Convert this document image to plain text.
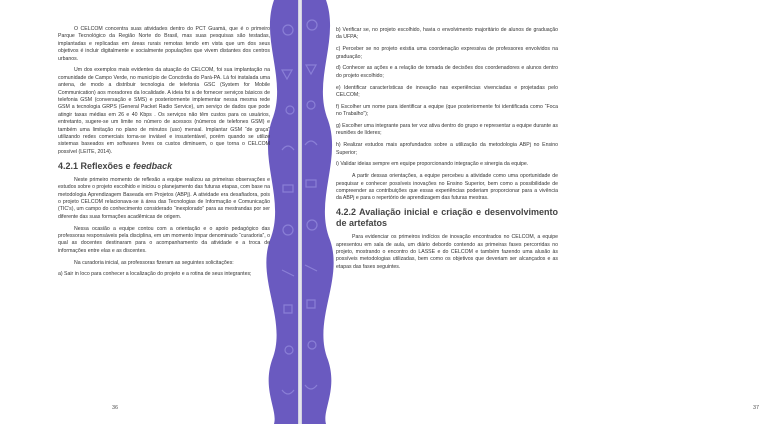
O CELCOM concentra suas atividades dentro do PCT Guamá, que é o primeiro Parque Tecnológico da Região Norte do Brasil, mas suas pesquisas são testadas, implantadas e replicadas em áreas rurais remotas tendo em vista que um dos seus objetivos é incluir digitalmente e socialmente populações que vivem distantes dos centros urbanos.

Um dos exemplos mais evidentes da atuação do CELCOM, foi sua implantação na comunidade de Campo Verde, no município de Concórdia do Pará-PA. Lá foi instalada uma antena, de modo a distribuir tecnologia de telefonia GSC (System for Mobile Communication) aos moradores da localidade. A ideia foi a de fornecer serviços básicos de telefonia GSM (conversação e SMS) e posteriormente implementar nessa mesma rede GSM a tecnologia GRPS (General Packet Radio Service), um serviço de dados que pode atingir taxas médias em 26 e 40 Kbps . Os serviços não têm custos para os usuários, entretanto, sugere-se um limite no número de acessos (números de telefones GSM) e também uma limitação no plano de minutos (uso) mensal. Implantar GSM “de graça” utilizando redes comerciais torna-se inviável e insustentável, porém quando se utilize sistemas baseados em softwares livres os custos diminuem, o que torna o CELCOM possível (LEITE, 2014).

4.2.1 Reflexões e feedback

Neste primeiro momento de reflexão a equipe realizou as primeiras observações e estudos sobre o projeto escolhido e iniciou o planejamento das futuras etapas, com base na metodologia Aprendizagem Baseada em Projetos (ABPj). A atividade era desafiadora, pois o projeto CELCOM relacionava-se à área das Tecnologias de Informação e Comunicação (TIC’s), um campo do conhecimento considerado “inexplorado” para as mestrandas por ser diferente das suas formações acadêmicas de origem.

Nessa ocasião a equipe contou com a orientação e o apoio pedagógico das professoras responsáveis pela disciplina, em um momento ímpar denominado “curadoria”, o qual as docentes destinaram para o acompanhamento da atividade e a troca de informações entre elas e as discentes.

Na curadoria inicial, as professoras fizeram as seguintes solicitações:

a) Sair in loco para conhecer a localização do projeto e a rotina de seus integrantes;

36	37

b) Verificar se, no projeto escolhido, havia o envolvimento majoritário de alunos de graduação da UFPA;

c) Perceber se no projeto existia uma coordenação expressiva de professores envolvidos na graduação;

d) Conhecer as ações e a relação de tomada de decisões dos coordenadores e alunos dentro do projeto escolhido;

e) Identificar características de inovação nas experiências vivenciadas e projetadas pelo CELCOM;

f) Escolher um nome para identificar a equipe (que posteriormente foi identificada como “Foca no Trabalho”);

g) Escolher uma integrante para ter voz ativa dentro do grupo e representar a equipe durante as reuniões de líderes;

h) Realizar estudos mais aprofundados sobre a utilização da metodologia ABPj no Ensino Superior;

i) Validar ideias sempre em equipe proporcionando integração e sinergia da equipe.

A partir dessas orientações, a equipe percebeu a atividade como uma oportunidade de pesquisar e conhecer possíveis inovações no Ensino Superior, bem como a possibilidade de compreender as contribuições que essas experiências poderiam proporcionar para a vivência da ABPj e para o repertório de aprendizagem das futuras mestras.

4.2.2 Avaliação inicial e criação e desenvolvimento de artefatos

Para evidenciar os primeiros indícios de inovação encontrados no CELCOM, a equipe apresentou em sala de aula, um diário debordo contendo as primeiras fases percorridas no projeto, mostrando o encontro do LASSE e do CELCOM e também fazendo uma alusão às possíveis metodologias utilizadas, bem como os objetivos que deveriam ser alcançados e as etapas das fases seguintes.
